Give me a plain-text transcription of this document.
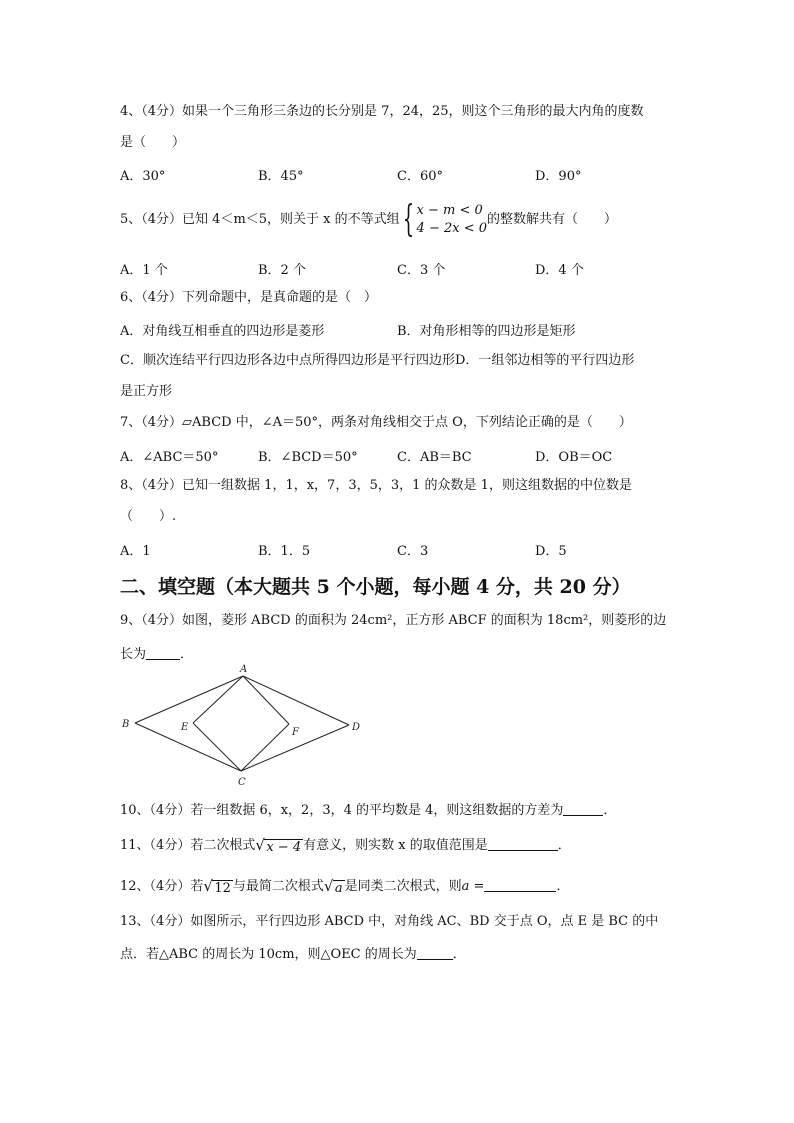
4、（4分）如果一个三角形三条边的长分别是 7，24，25，则这个三角形的最大内角的度数
是（　　）
A．30°	B．45°	C．60°	D．90°
5、（4分）已知 4＜m＜5，则关于 x 的不等式组{ x − m < 0
4 − 2x < 0的整数解共有（　　）
A．1 个	B．2 个	C．3 个	D．4 个
6、（4分）下列命题中，是真命题的是（　）
A．对角线互相垂直的四边形是菱形	B．对角形相等的四边形是矩形
C．顺次连结平行四边形各边中点所得四边形是平行四边形D．一组邻边相等的平行四边形
是正方形
7、（4分）▱ABCD 中，∠A＝50°，两条对角线相交于点 O，下列结论正确的是（　　）
A．∠ABC＝50°	B．∠BCD＝50°	C．AB＝BC	D．OB＝OC
8、（4分）已知一组数据 1，1，x，7，3，5，3，1 的众数是 1，则这组数据的中位数是
（　　）.
A．1	B．1．5	C．3	D．5
二、填空题（本大题共 5 个小题，每小题 4 分，共 20 分）
9、（4分）如图，菱形 ABCD 的面积为 24cm²，正方形 ABCF 的面积为 18cm²，则菱形的边
长为	．
A
B
C
D
E	F
10、（4分）若一组数据 6，x，2，3，4 的平均数是 4，则这组数据的方差为	．
11、（4分）若二次根式 √ x − 4 有意义，则实数 x 的取值范围是	．
12、（4分）若 √ 12 与最简二次根式 √ a 是同类二次根式，则a =	．
13、（4分）如图所示，平行四边形 ABCD 中，对角线 AC、BD 交于点 O，点 E 是 BC 的中
点．若△ABC 的周长为 10cm，则△OEC 的周长为	．
